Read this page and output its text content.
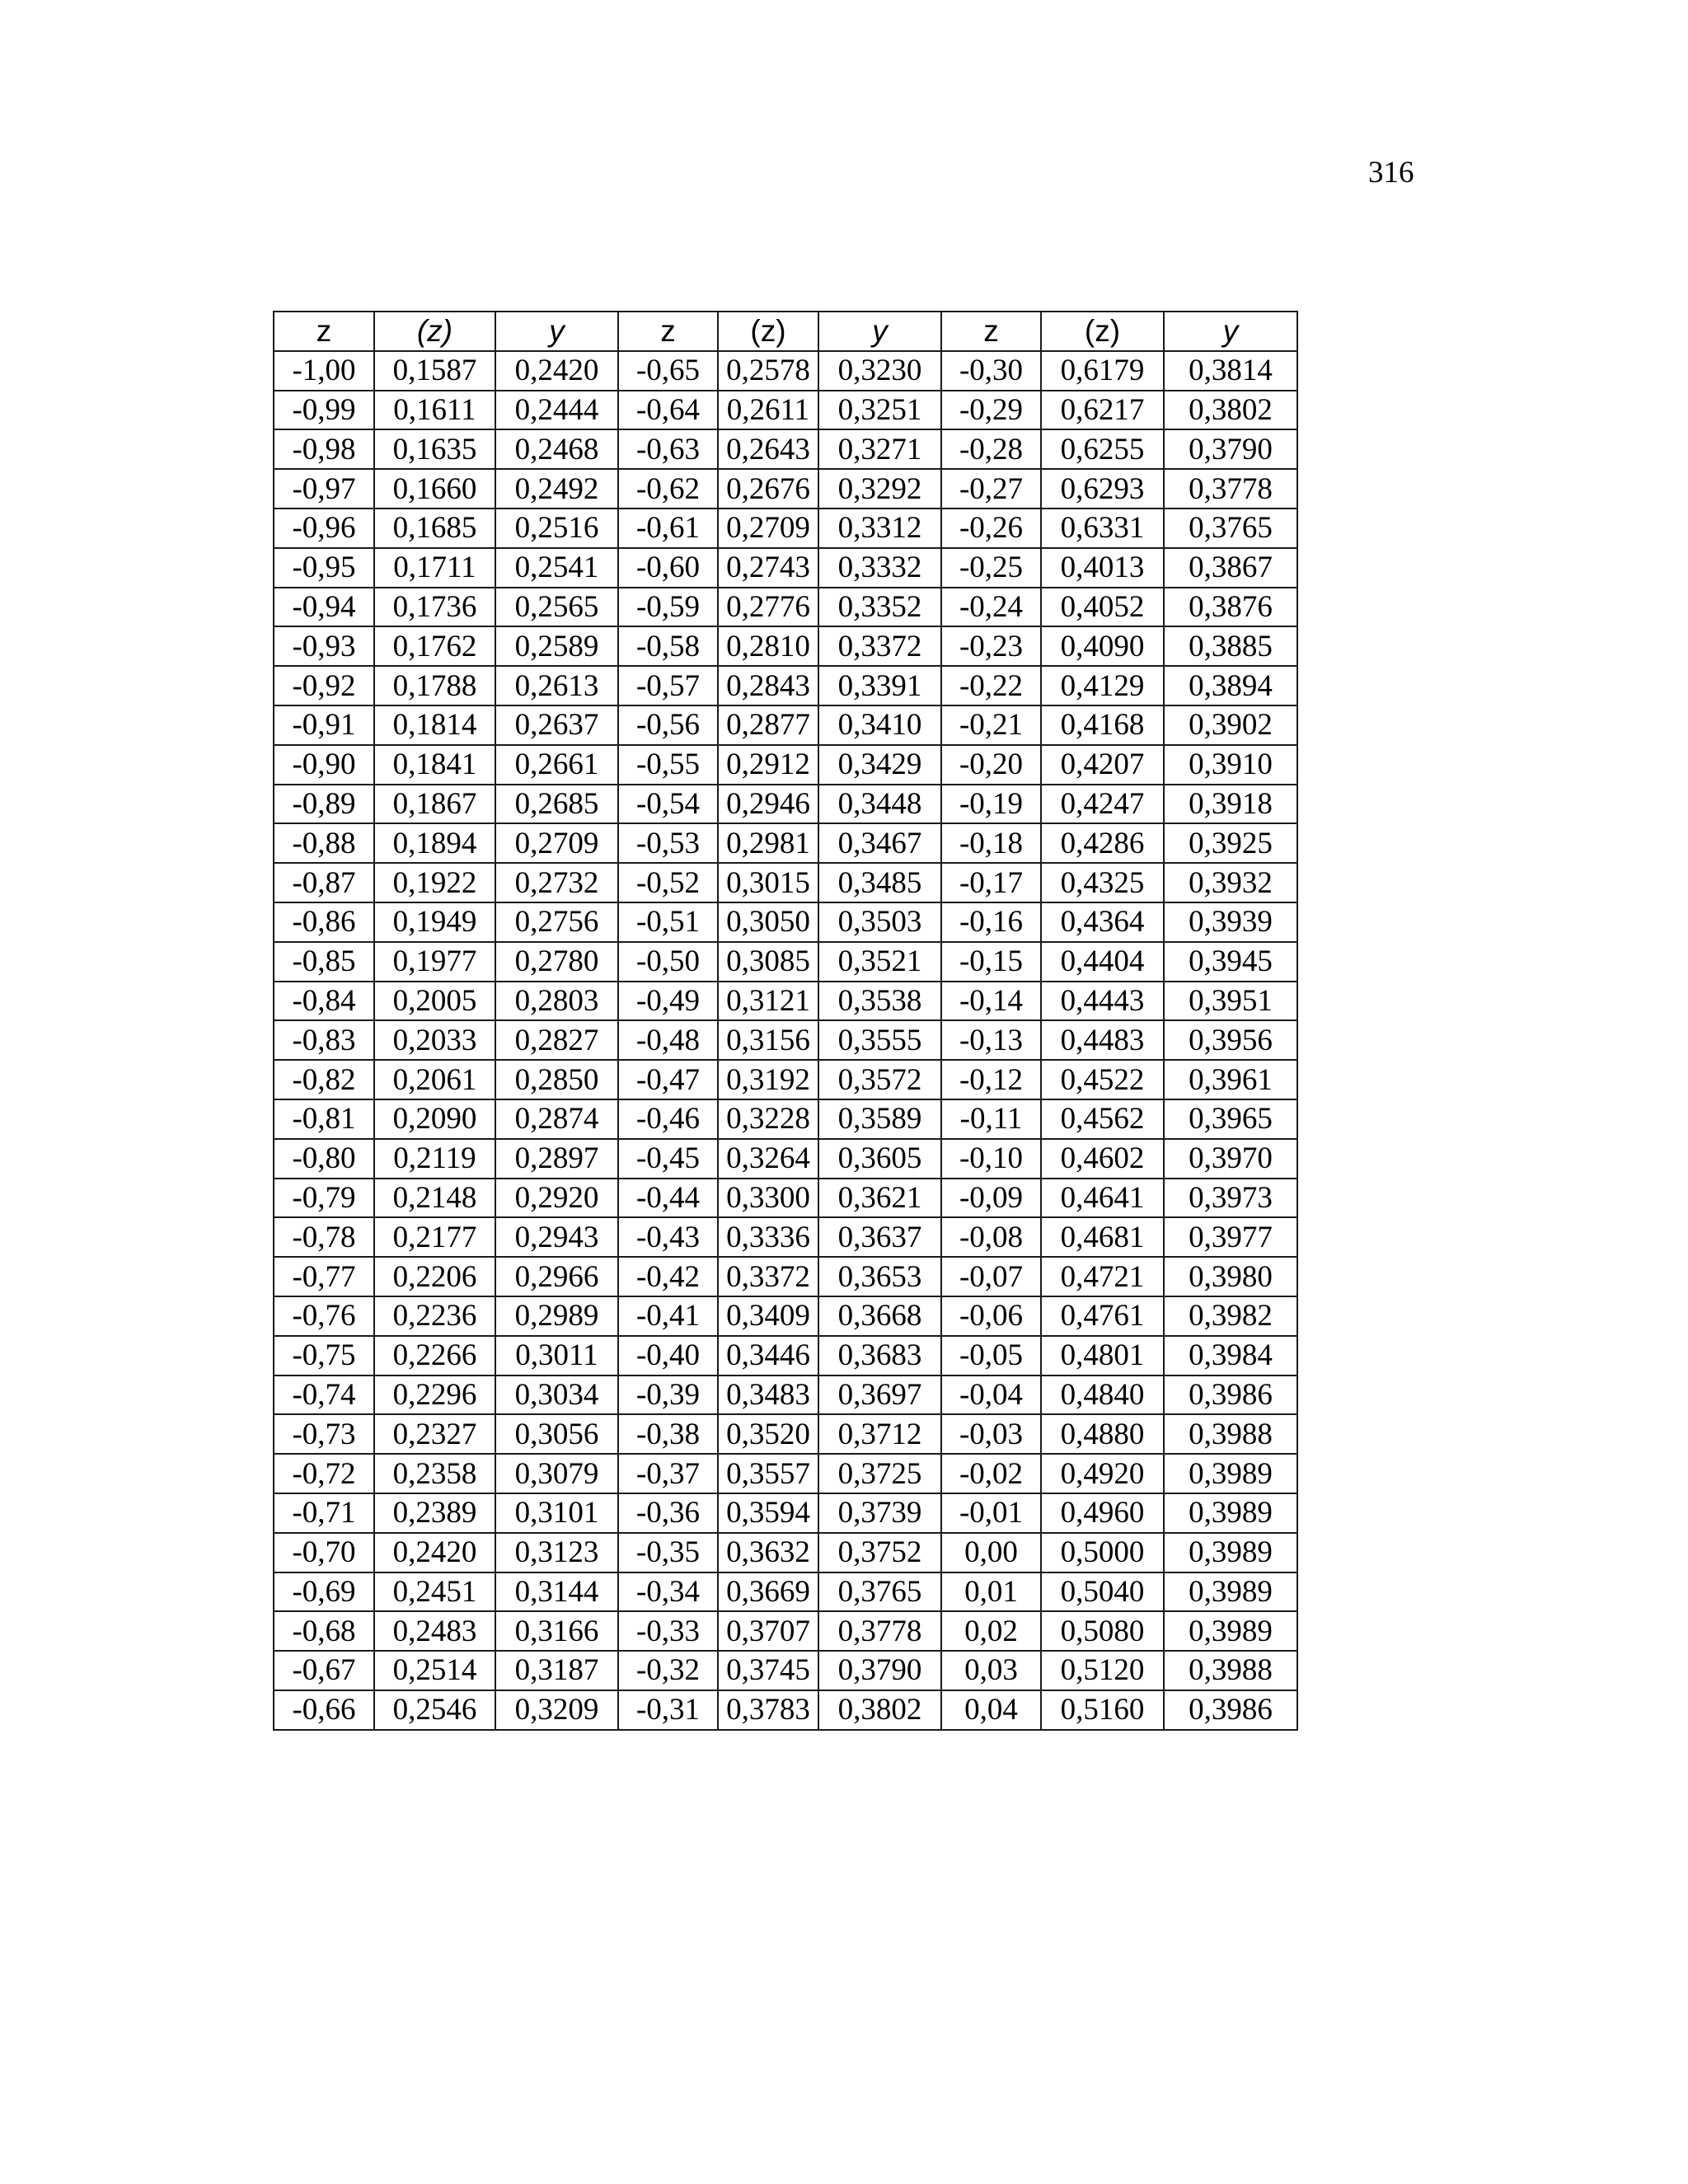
316
z	(z)	y	z	(z)	y	z	(z)	y
-1,00	0,1587	0,2420	-0,65	0,2578	0,3230	-0,30	0,6179	0,3814
-0,99	0,1611	0,2444	-0,64	0,2611	0,3251	-0,29	0,6217	0,3802
-0,98	0,1635	0,2468	-0,63	0,2643	0,3271	-0,28	0,6255	0,3790
-0,97	0,1660	0,2492	-0,62	0,2676	0,3292	-0,27	0,6293	0,3778
-0,96	0,1685	0,2516	-0,61	0,2709	0,3312	-0,26	0,6331	0,3765
-0,95	0,1711	0,2541	-0,60	0,2743	0,3332	-0,25	0,4013	0,3867
-0,94	0,1736	0,2565	-0,59	0,2776	0,3352	-0,24	0,4052	0,3876
-0,93	0,1762	0,2589	-0,58	0,2810	0,3372	-0,23	0,4090	0,3885
-0,92	0,1788	0,2613	-0,57	0,2843	0,3391	-0,22	0,4129	0,3894
-0,91	0,1814	0,2637	-0,56	0,2877	0,3410	-0,21	0,4168	0,3902
-0,90	0,1841	0,2661	-0,55	0,2912	0,3429	-0,20	0,4207	0,3910
-0,89	0,1867	0,2685	-0,54	0,2946	0,3448	-0,19	0,4247	0,3918
-0,88	0,1894	0,2709	-0,53	0,2981	0,3467	-0,18	0,4286	0,3925
-0,87	0,1922	0,2732	-0,52	0,3015	0,3485	-0,17	0,4325	0,3932
-0,86	0,1949	0,2756	-0,51	0,3050	0,3503	-0,16	0,4364	0,3939
-0,85	0,1977	0,2780	-0,50	0,3085	0,3521	-0,15	0,4404	0,3945
-0,84	0,2005	0,2803	-0,49	0,3121	0,3538	-0,14	0,4443	0,3951
-0,83	0,2033	0,2827	-0,48	0,3156	0,3555	-0,13	0,4483	0,3956
-0,82	0,2061	0,2850	-0,47	0,3192	0,3572	-0,12	0,4522	0,3961
-0,81	0,2090	0,2874	-0,46	0,3228	0,3589	-0,11	0,4562	0,3965
-0,80	0,2119	0,2897	-0,45	0,3264	0,3605	-0,10	0,4602	0,3970
-0,79	0,2148	0,2920	-0,44	0,3300	0,3621	-0,09	0,4641	0,3973
-0,78	0,2177	0,2943	-0,43	0,3336	0,3637	-0,08	0,4681	0,3977
-0,77	0,2206	0,2966	-0,42	0,3372	0,3653	-0,07	0,4721	0,3980
-0,76	0,2236	0,2989	-0,41	0,3409	0,3668	-0,06	0,4761	0,3982
-0,75	0,2266	0,3011	-0,40	0,3446	0,3683	-0,05	0,4801	0,3984
-0,74	0,2296	0,3034	-0,39	0,3483	0,3697	-0,04	0,4840	0,3986
-0,73	0,2327	0,3056	-0,38	0,3520	0,3712	-0,03	0,4880	0,3988
-0,72	0,2358	0,3079	-0,37	0,3557	0,3725	-0,02	0,4920	0,3989
-0,71	0,2389	0,3101	-0,36	0,3594	0,3739	-0,01	0,4960	0,3989
-0,70	0,2420	0,3123	-0,35	0,3632	0,3752	0,00	0,5000	0,3989
-0,69	0,2451	0,3144	-0,34	0,3669	0,3765	0,01	0,5040	0,3989
-0,68	0,2483	0,3166	-0,33	0,3707	0,3778	0,02	0,5080	0,3989
-0,67	0,2514	0,3187	-0,32	0,3745	0,3790	0,03	0,5120	0,3988
-0,66	0,2546	0,3209	-0,31	0,3783	0,3802	0,04	0,5160	0,3986
